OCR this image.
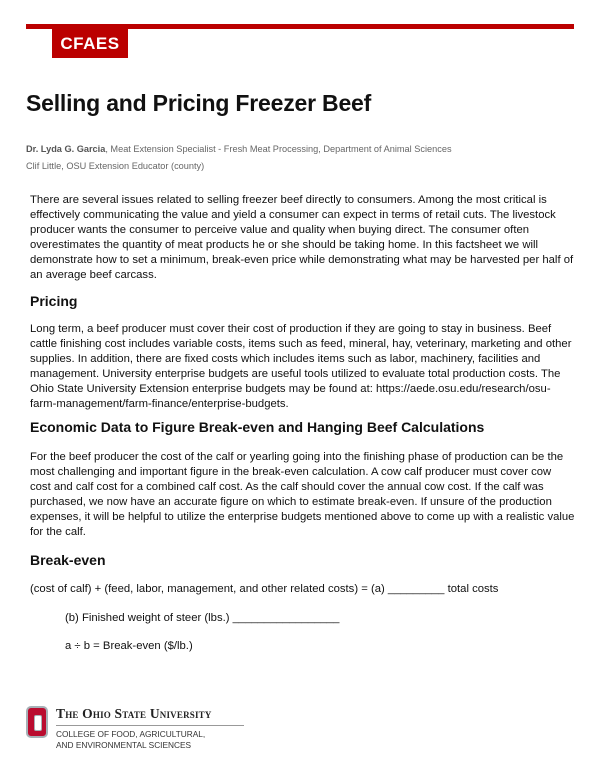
CFAES
Selling and Pricing Freezer Beef
Dr. Lyda G. Garcia, Meat Extension Specialist - Fresh Meat Processing, Department of Animal Sciences
Clif Little, OSU Extension Educator (county)

There are several issues related to selling freezer beef directly to consumers. Among the most critical is effectively communicating the value and yield a consumer can expect in terms of retail cuts. The livestock producer wants the consumer to perceive value and quality when buying direct. The consumer often overestimates the quantity of meat products he or she should be taking home. In this factsheet we will demonstrate how to set a minimum, break-even price while demonstrating what may be harvested per half of an average beef carcass.

Pricing

Long term, a beef producer must cover their cost of production if they are going to stay in business. Beef cattle finishing cost includes variable costs, items such as feed, mineral, hay, veterinary, marketing and other supplies. In addition, there are fixed costs which includes items such as labor, machinery, facilities and management. University enterprise budgets are useful tools utilized to evaluate total production costs. The Ohio State University Extension enterprise budgets may be found at: https://aede.osu.edu/research/osu-farm-management/farm-finance/enterprise-budgets.

Economic Data to Figure Break-even and Hanging Beef Calculations

For the beef producer the cost of the calf or yearling going into the finishing phase of production can be the most challenging and important figure in the break-even calculation. A cow calf producer must cover cow cost and calf cost for a combined calf cost. As the calf should cover the annual cow cost. If the calf was purchased, we now have an accurate figure on which to estimate break-even. If unsure of the production expenses, it will be helpful to utilize the enterprise budgets mentioned above to come up with a realistic value for the calf.

Break-even
(cost of calf) + (feed, labor, management, and other related costs) = (a) _________ total costs
(b) Finished weight of steer (lbs.) _________________
a ÷ b = Break-even ($/lb.)
The Ohio State University
COLLEGE OF FOOD, AGRICULTURAL,
AND ENVIRONMENTAL SCIENCES
